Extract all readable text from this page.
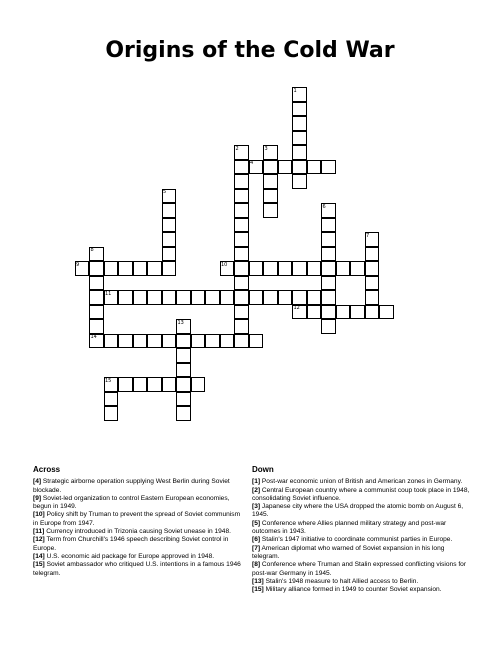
Origins of the Cold War
1
2	3
4
5
6
7
8
9	10
11
12
13
14
15
Across

[4] Strategic airborne operation supplying West Berlin during Soviet blockade.

[9] Soviet-led organization to control Eastern European economies, begun in 1949.

[10] Policy shift by Truman to prevent the spread of Soviet communism in Europe from 1947.

[11] Currency introduced in Trizonia causing Soviet unease in 1948.

[12] Term from Churchill's 1946 speech describing Soviet control in Europe.

[14] U.S. economic aid package for Europe approved in 1948.

[15] Soviet ambassador who critiqued U.S. intentions in a famous 1946 telegram.

Down

[1] Post-war economic union of British and American zones in Germany.

[2] Central European country where a communist coup took place in 1948, consolidating Soviet influence.

[3] Japanese city where the USA dropped the atomic bomb on August 6, 1945.

[5] Conference where Allies planned military strategy and post-war outcomes in 1943.

[6] Stalin's 1947 initiative to coordinate communist parties in Europe.

[7] American diplomat who warned of Soviet expansion in his long telegram.

[8] Conference where Truman and Stalin expressed conflicting visions for post-war Germany in 1945.

[13] Stalin's 1948 measure to halt Allied access to Berlin.

[15] Military alliance formed in 1949 to counter Soviet expansion.
